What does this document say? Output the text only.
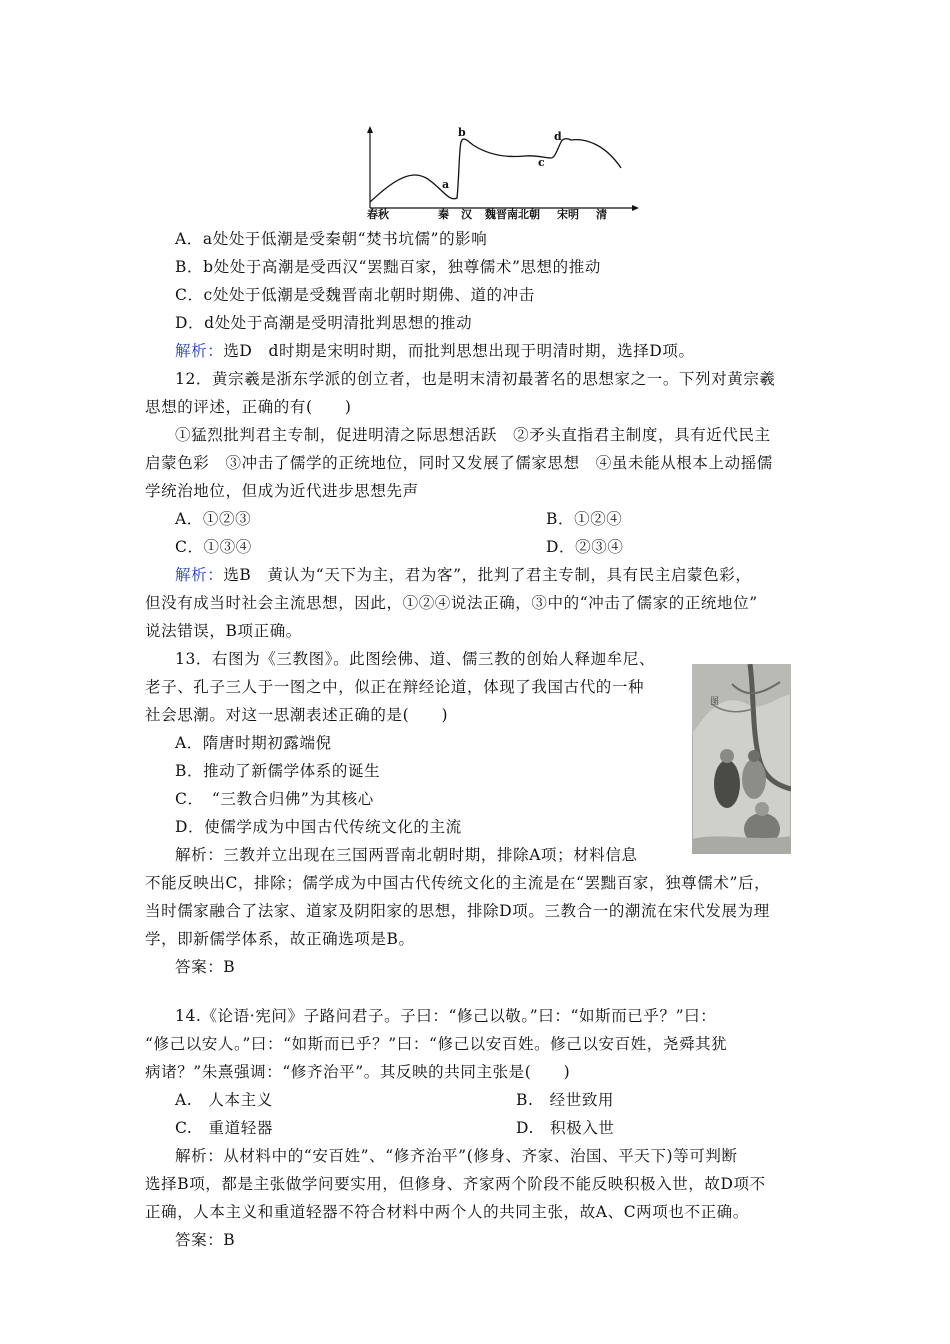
a
b
c
d
春秋	秦 汉 魏晋南北朝 宋明 清
A．a处处于低潮是受秦朝“焚书坑儒”的影响
B．b处处于高潮是受西汉“罢黜百家，独尊儒术”思想的推动
C．c处处于低潮是受魏晋南北朝时期佛、道的冲击
D．d处处于高潮是受明清批判思想的推动
解析：选D　d时期是宋明时期，而批判思想出现于明清时期，选择D项。
12．黄宗羲是浙东学派的创立者，也是明末清初最著名的思想家之一。下列对黄宗羲
思想的评述，正确的有(　　)
①猛烈批判君主专制，促进明清之际思想活跃　②矛头直指君主制度，具有近代民主
启蒙色彩　③冲击了儒学的正统地位，同时又发展了儒家思想　④虽未能从根本上动摇儒
学统治地位，但成为近代进步思想先声
A．①②③	B．①②④
C．①③④	D．②③④
解析：选B　黄认为“天下为主，君为客”，批判了君主专制，具有民主启蒙色彩，
但没有成当时社会主流思想，因此，①②④说法正确，③中的“冲击了儒家的正统地位”
说法错误，B项正确。
13．右图为《三教图》。此图绘佛、道、儒三教的创始人释迦牟尼、
老子、孔子三人于一图之中，似正在辩经论道，体现了我国古代的一种
社会思潮。对这一思潮表述正确的是(　　)
A．隋唐时期初露端倪
B．推动了新儒学体系的诞生
C．　“三教合归佛”为其核心
D．使儒学成为中国古代传统文化的主流
解析：三教并立出现在三国两晋南北朝时期，排除A项；材料信息
不能反映出C，排除；儒学成为中国古代传统文化的主流是在“罢黜百家，独尊儒术”后，
当时儒家融合了法家、道家及阴阳家的思想，排除D项。三教合一的潮流在宋代发展为理
学，即新儒学体系，故正确选项是B。
答案：B
图
14.《论语·宪问》子路问君子。子曰：“修己以敬。”曰：“如斯而已乎？”曰：
“修己以安人。”曰：“如斯而已乎？”曰：“修己以安百姓。修己以安百姓，尧舜其犹
病诸？”朱熹强调：“修齐治平”。其反映的共同主张是(　　)
A.　人本主义	B.　经世致用
C.　重道轻器	D.　积极入世
解析：从材料中的“安百姓”、“修齐治平”(修身、齐家、治国、平天下)等可判断
选择B项，都是主张做学问要实用，但修身、齐家两个阶段不能反映积极入世，故D项不
正确，人本主义和重道轻器不符合材料中两个人的共同主张，故A、C两项也不正确。
答案：B
